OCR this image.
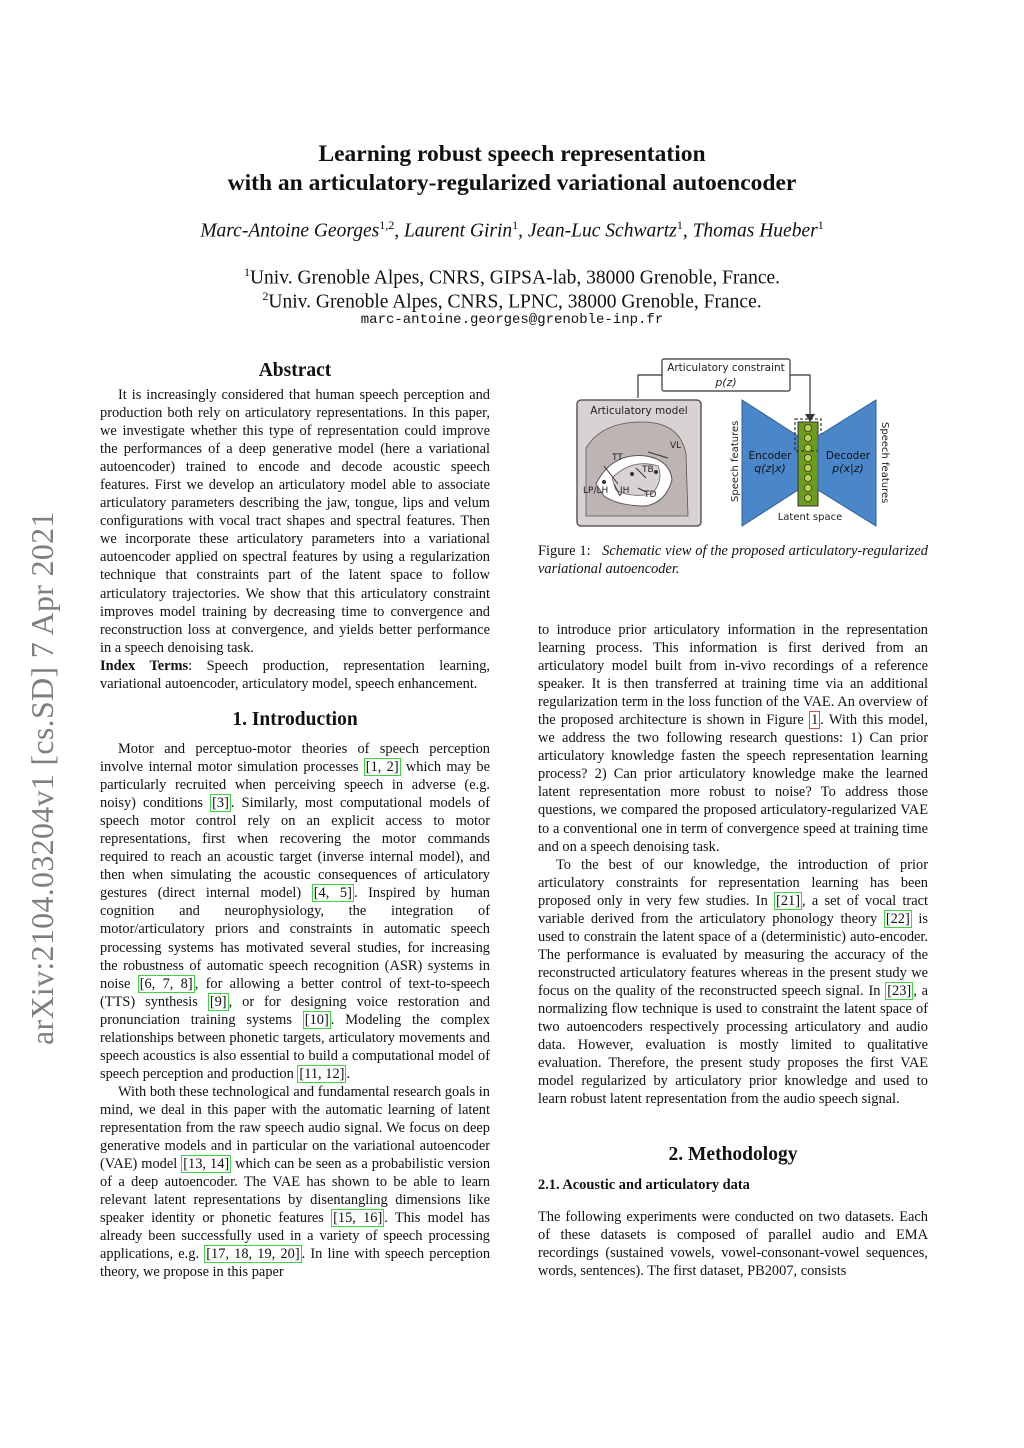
Learning robust speech representation
with an articulatory-regularized variational autoencoder
Marc-Antoine Georges$^{1,2}$, Laurent Girin$^1$, Jean-Luc Schwartz$^1$, Thomas Hueber$^1$
$^1$Univ. Grenoble Alpes, CNRS, GIPSA-lab, 38000 Grenoble, France.
$^2$Univ. Grenoble Alpes, CNRS, LPNC, 38000 Grenoble, France.
marc-antoine.georges@grenoble-inp.fr
arXiv:2104.03204v1 [cs.SD] 7 Apr 2021
Abstract

It is increasingly considered that human speech perception and production both rely on articulatory representations. In this paper, we investigate whether this type of representation could improve the performances of a deep generative model (here a variational autoencoder) trained to encode and decode acoustic speech features. First we develop an articulatory model able to associate articulatory parameters describing the jaw, tongue, lips and velum configurations with vocal tract shapes and spectral features. Then we incorporate these articulatory parameters into a variational autoencoder applied on spectral features by using a regularization technique that constraints part of the latent space to follow articulatory trajectories. We show that this articulatory constraint improves model training by decreasing time to convergence and reconstruction loss at convergence, and yields better performance in a speech denoising task.

Index Terms: Speech production, representation learning, variational autoencoder, articulatory model, speech enhancement.

1. Introduction

Motor and perceptuo-motor theories of speech perception involve internal motor simulation processes [1, 2] which may be particularly recruited when perceiving speech in adverse (e.g. noisy) conditions [3] . Similarly, most computational models of speech motor control rely on an explicit access to motor representations, first when recovering the motor commands required to reach an acoustic target (inverse internal model), and then when simulating the acoustic consequences of articulatory gestures (direct internal model) [4, 5] . Inspired by human cognition and neurophysiology, the integration of motor/articulatory priors and constraints in automatic speech processing systems has motivated several studies, for increasing the robustness of automatic speech recognition (ASR) systems in noise [6, 7, 8] , for allowing a better control of text-to-speech (TTS) synthesis [9] , or for designing voice restoration and pronunciation training systems [10] . Modeling the complex relationships between phonetic targets, articulatory movements and speech acoustics is also essential to build a computational model of speech perception and production [11, 12] .

With both these technological and fundamental research goals in mind, we deal in this paper with the automatic learning of latent representation from the raw speech audio signal. We focus on deep generative models and in particular on the variational autoencoder (VAE) model [13, 14] which can be seen as a probabilistic version of a deep autoencoder. The VAE has shown to be able to learn relevant latent representations by disentangling dimensions like speaker identity or phonetic features [15, 16] . This model has already been successfully used in a variety of speech processing applications, e.g. [17, 18, 19, 20] . In line with speech perception theory, we propose in this paper

Articulatory constraint
p(z)
Articulatory model
VL
TT
TB
LP/LH JH TD	Speech features Encoder
q(z|x)
Decoder
p(x|z) Speech features
Latent space
Figure 1: Schematic view of the proposed articulatory-regularized variational autoencoder.

to introduce prior articulatory information in the representation learning process. This information is first derived from an articulatory model built from in-vivo recordings of a reference speaker. It is then transferred at training time via an additional regularization term in the loss function of the VAE. An overview of the proposed architecture is shown in Figure 1 . With this model, we address the two following research questions: 1) Can prior articulatory knowledge fasten the speech representation learning process? 2) Can prior articulatory knowledge make the learned latent representation more robust to noise? To address those questions, we compared the proposed articulatory-regularized VAE to a conventional one in term of convergence speed at training time and on a speech denoising task.

To the best of our knowledge, the introduction of prior articulatory constraints for representation learning has been proposed only in very few studies. In [21] , a set of vocal tract variable derived from the articulatory phonology theory [22] is used to constrain the latent space of a (deterministic) auto-encoder. The performance is evaluated by measuring the accuracy of the reconstructed articulatory features whereas in the present study we focus on the quality of the reconstructed speech signal. In [23] , a normalizing flow technique is used to constraint the latent space of two autoencoders respectively processing articulatory and audio data. However, evaluation is mostly limited to qualitative evaluation. Therefore, the present study proposes the first VAE model regularized by articulatory prior knowledge and used to learn robust latent representation from the audio speech signal.

2. Methodology
2.1. Acoustic and articulatory data

The following experiments were conducted on two datasets. Each of these datasets is composed of parallel audio and EMA recordings (sustained vowels, vowel-consonant-vowel sequences, words, sentences). The first dataset, PB2007, consists
